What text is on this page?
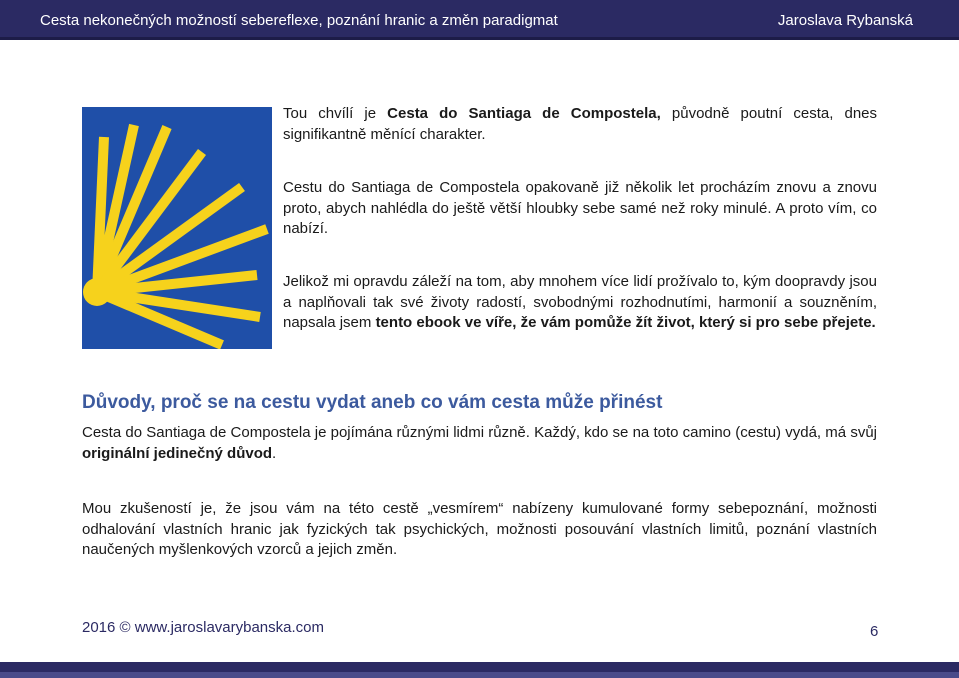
Cesta nekonečných možností sebereflexe, poznání hranic a změn paradigmat	Jaroslava Rybanská

Tou chvílí je Cesta do Santiaga de Compostela, původně poutní cesta, dnes signifikantně měnící charakter.

Cestu do Santiaga de Compostela opakovaně již několik let procházím znovu a znovu proto, abych nahlédla do ještě větší hloubky sebe samé než roky minulé. A proto vím, co nabízí.

Jelikož mi opravdu záleží na tom, aby mnohem více lidí prožívalo to, kým doopravdy jsou a naplňovali tak své životy radostí, svobodnými rozhodnutími, harmonií a souzněním, napsala jsem tento ebook ve víře, že vám pomůže žít život, který si pro sebe přejete.

Důvody, proč se na cestu vydat aneb co vám cesta může přinést

Cesta do Santiaga de Compostela je pojímána různými lidmi různě. Každý, kdo se na toto camino (cestu) vydá, má svůj originální jedinečný důvod.

Mou zkušeností je, že jsou vám na této cestě „vesmírem“ nabízeny kumulované formy sebepoznání, možnosti odhalování vlastních hranic jak fyzických tak psychických, možnosti posouvání vlastních limitů, poznání vlastních naučených myšlenkových vzorců a jejich změn.

2016 © www.jaroslavarybanska.com	6
